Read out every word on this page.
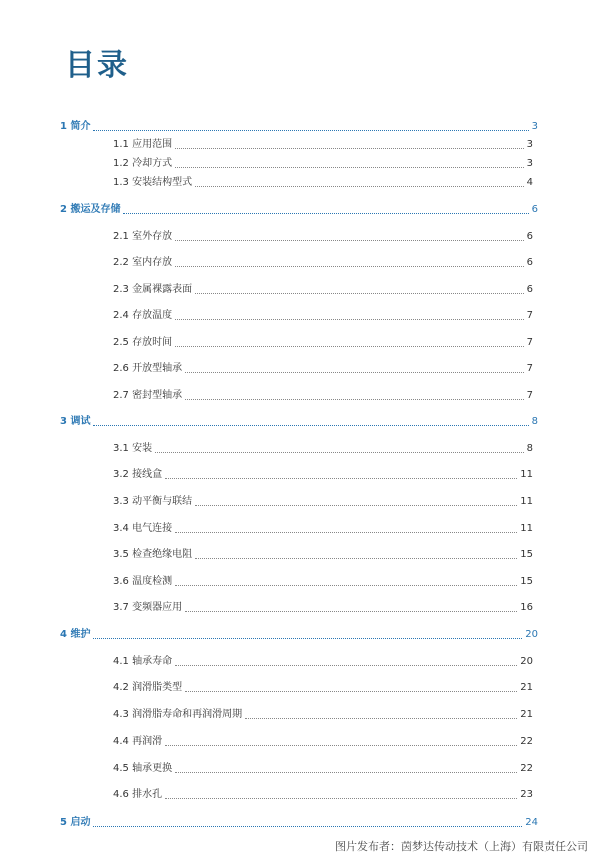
目录
1 简介	3
1.1 应用范围	3
1.2 冷却方式	3
1.3 安装结构型式	4
2 搬运及存储	6
2.1 室外存放	6
2.2 室内存放	6
2.3 金属裸露表面	6
2.4 存放温度	7
2.5 存放时间	7
2.6 开放型轴承	7
2.7 密封型轴承	7
3 调试	8
3.1 安装	8
3.2 接线盒	11
3.3 动平衡与联结	11
3.4 电气连接	11
3.5 检查绝缘电阻	15
3.6 温度检测	15
3.7 变频器应用	16
4 维护	20
4.1 轴承寿命	20
4.2 润滑脂类型	21
4.3 润滑脂寿命和再润滑周期	21
4.4 再润滑	22
4.5 轴承更换	22
4.6 排水孔	23
5 启动	24
图片发布者：茵梦达传动技术（上海）有限责任公司
